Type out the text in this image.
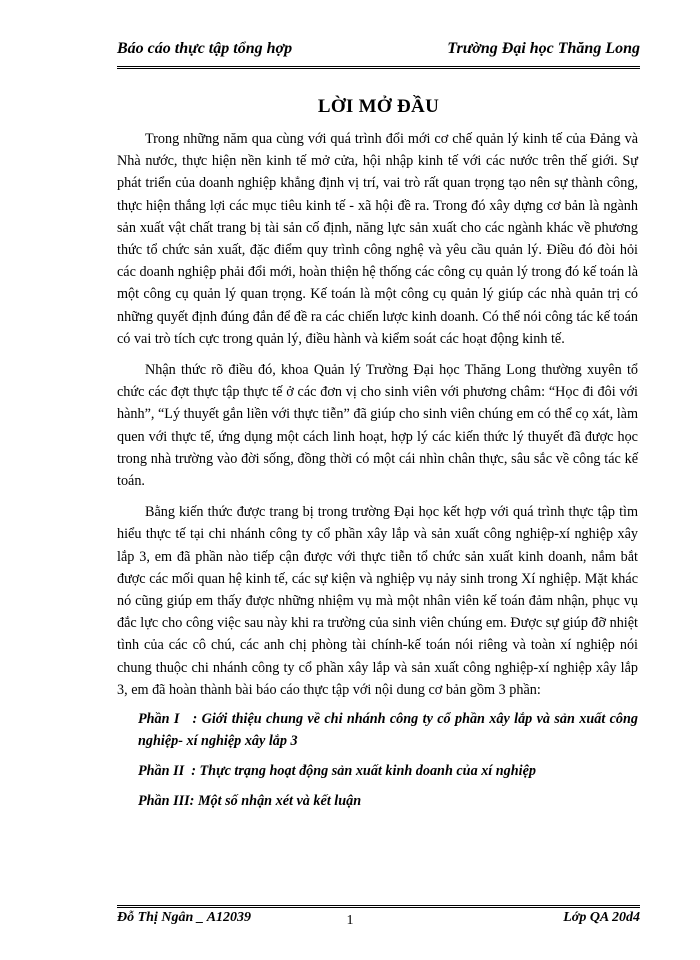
Báo cáo thực tập tổng hợp	Trường Đại học Thăng Long
LỜI MỞ ĐẦU

Trong những năm qua cùng với quá trình đổi mới cơ chế quản lý kinh tế của Đảng và Nhà nước, thực hiện nền kinh tế mở cửa, hội nhập kinh tế với các nước trên thế giới. Sự phát triển của doanh nghiệp khẳng định vị trí, vai trò rất quan trọng tạo nên sự thành công, thực hiện thắng lợi các mục tiêu kinh tế - xã hội đề ra. Trong đó xây dựng cơ bản là ngành sản xuất vật chất trang bị tài sản cố định, năng lực sản xuất cho các ngành khác về phương thức tổ chức sản xuất, đặc điểm quy trình công nghệ và yêu cầu quản lý. Điều đó đòi hỏi các doanh nghiệp phải đổi mới, hoàn thiện hệ thống các công cụ quản lý trong đó kế toán là một công cụ quản lý quan trọng. Kế toán là một công cụ quản lý giúp các nhà quản trị có những quyết định đúng đắn để đề ra các chiến lược kinh doanh. Có thể nói công tác kế toán có vai trò tích cực trong quản lý, điều hành và kiểm soát các hoạt động kinh tế.

Nhận thức rõ điều đó, khoa Quản lý Trường Đại học Thăng Long thường xuyên tổ chức các đợt thực tập thực tế ở các đơn vị cho sinh viên với phương châm: “Học đi đôi với hành”, “Lý thuyết gắn liền với thực tiễn” đã giúp cho sinh viên chúng em có thể cọ xát, làm quen với thực tế, ứng dụng một cách linh hoạt, hợp lý các kiến thức lý thuyết đã được học trong nhà trường vào đời sống, đồng thời có một cái nhìn chân thực, sâu sắc về công tác kế toán.

Bằng kiến thức được trang bị trong trường Đại học kết hợp với quá trình thực tập tìm hiểu thực tế tại chi nhánh công ty cổ phần xây lắp và sản xuất công nghiệp-xí nghiệp xây lắp 3, em đã phần nào tiếp cận được với thực tiễn tổ chức sản xuất kinh doanh, nắm bắt được các mối quan hệ kinh tế, các sự kiện và nghiệp vụ nảy sinh trong Xí nghiệp. Mặt khác nó cũng giúp em thấy được những nhiệm vụ mà một nhân viên kế toán đảm nhận, phục vụ đắc lực cho công việc sau này khi ra trường của sinh viên chúng em. Được sự giúp đỡ nhiệt tình của các cô chú, các anh chị phòng tài chính-kế toán nói riêng và toàn xí nghiệp nói chung thuộc chi nhánh công ty cổ phần xây lắp và sản xuất công nghiệp-xí nghiệp xây lắp 3, em đã hoàn thành bài báo cáo thực tập với nội dung cơ bản gồm 3 phần:

Phần I   : Giới thiệu chung về chi nhánh công ty cổ phần xây lắp và sản xuất công nghiệp- xí nghiệp xây lắp 3
Phần II  : Thực trạng hoạt động sản xuất kinh doanh của xí nghiệp
Phần III: Một số nhận xét và kết luận
Đỗ Thị Ngân _ A12039	Lớp QA 20d4
1
